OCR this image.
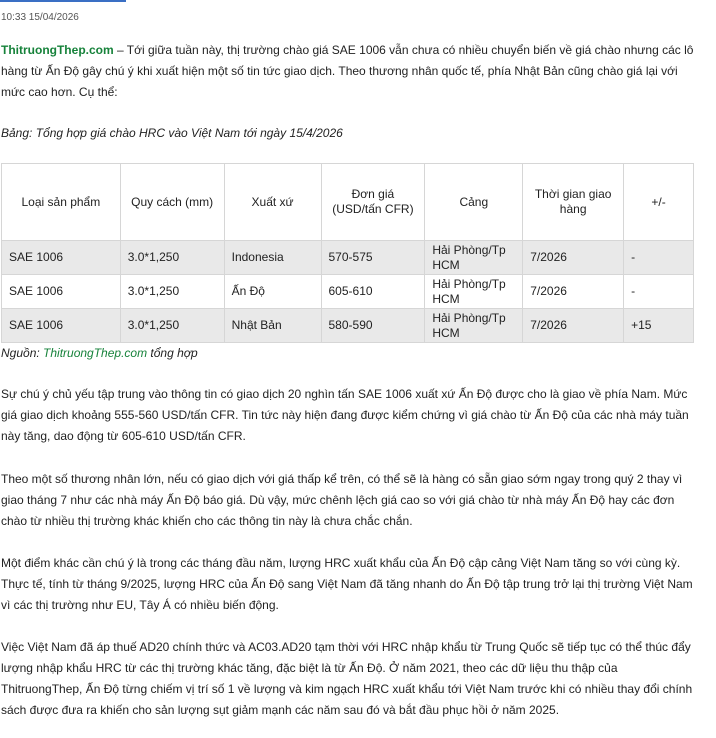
10:33 15/04/2026

ThitruongThep.com – Tới giữa tuần này, thị trường chào giá SAE 1006 vẫn chưa có nhiều chuyển biến về giá chào nhưng các lô hàng từ Ấn Độ gây chú ý khi xuất hiện một số tin tức giao dịch. Theo thương nhân quốc tế, phía Nhật Bản cũng chào giá lại với mức cao hơn. Cụ thể:

Bảng: Tổng hợp giá chào HRC vào Việt Nam tới ngày 15/4/2026

Loại sản phẩm	Quy cách (mm)	Xuất xứ	Đơn giá (USD/tấn CFR)	Cảng	Thời gian giao hàng	+/-
SAE 1006	3.0*1,250	Indonesia	570-575	Hải Phòng/Tp HCM	7/2026	-
SAE 1006	3.0*1,250	Ấn Độ	605-610	Hải Phòng/Tp HCM	7/2026	-
SAE 1006	3.0*1,250	Nhật Bản	580-590	Hải Phòng/Tp HCM	7/2026	+15

Nguồn: ThitruongThep.com tổng hợp

Sự chú ý chủ yếu tập trung vào thông tin có giao dịch 20 nghìn tấn SAE 1006 xuất xứ Ấn Độ được cho là giao về phía Nam. Mức giá giao dịch khoảng 555-560 USD/tấn CFR. Tin tức này hiện đang được kiểm chứng vì giá chào từ Ấn Độ của các nhà máy tuần này tăng, dao động từ 605-610 USD/tấn CFR.

Theo một số thương nhân lớn, nếu có giao dịch với giá thấp kể trên, có thể sẽ là hàng có sẵn giao sớm ngay trong quý 2 thay vì giao tháng 7 như các nhà máy Ấn Độ báo giá. Dù vậy, mức chênh lệch giá cao so với giá chào từ nhà máy Ấn Độ hay các đơn chào từ nhiều thị trường khác khiến cho các thông tin này là chưa chắc chắn.

Một điểm khác cần chú ý là trong các tháng đầu năm, lượng HRC xuất khẩu của Ấn Độ cập cảng Việt Nam tăng so với cùng kỳ. Thực tế, tính từ tháng 9/2025, lượng HRC của Ấn Độ sang Việt Nam đã tăng nhanh do Ấn Độ tập trung trở lại thị trường Việt Nam vì các thị trường như EU, Tây Á có nhiều biến động.

Việc Việt Nam đã áp thuế AD20 chính thức và AC03.AD20 tạm thời với HRC nhập khẩu từ Trung Quốc sẽ tiếp tục có thể thúc đẩy lượng nhập khẩu HRC từ các thị trường khác tăng, đặc biệt là từ Ấn Độ. Ở năm 2021, theo các dữ liệu thu thập của ThitruongThep, Ấn Độ từng chiếm vị trí số 1 về lượng và kim ngạch HRC xuất khẩu tới Việt Nam trước khi có nhiều thay đổi chính sách được đưa ra khiến cho sản lượng sụt giảm mạnh các năm sau đó và bắt đầu phục hồi ở năm 2025.
